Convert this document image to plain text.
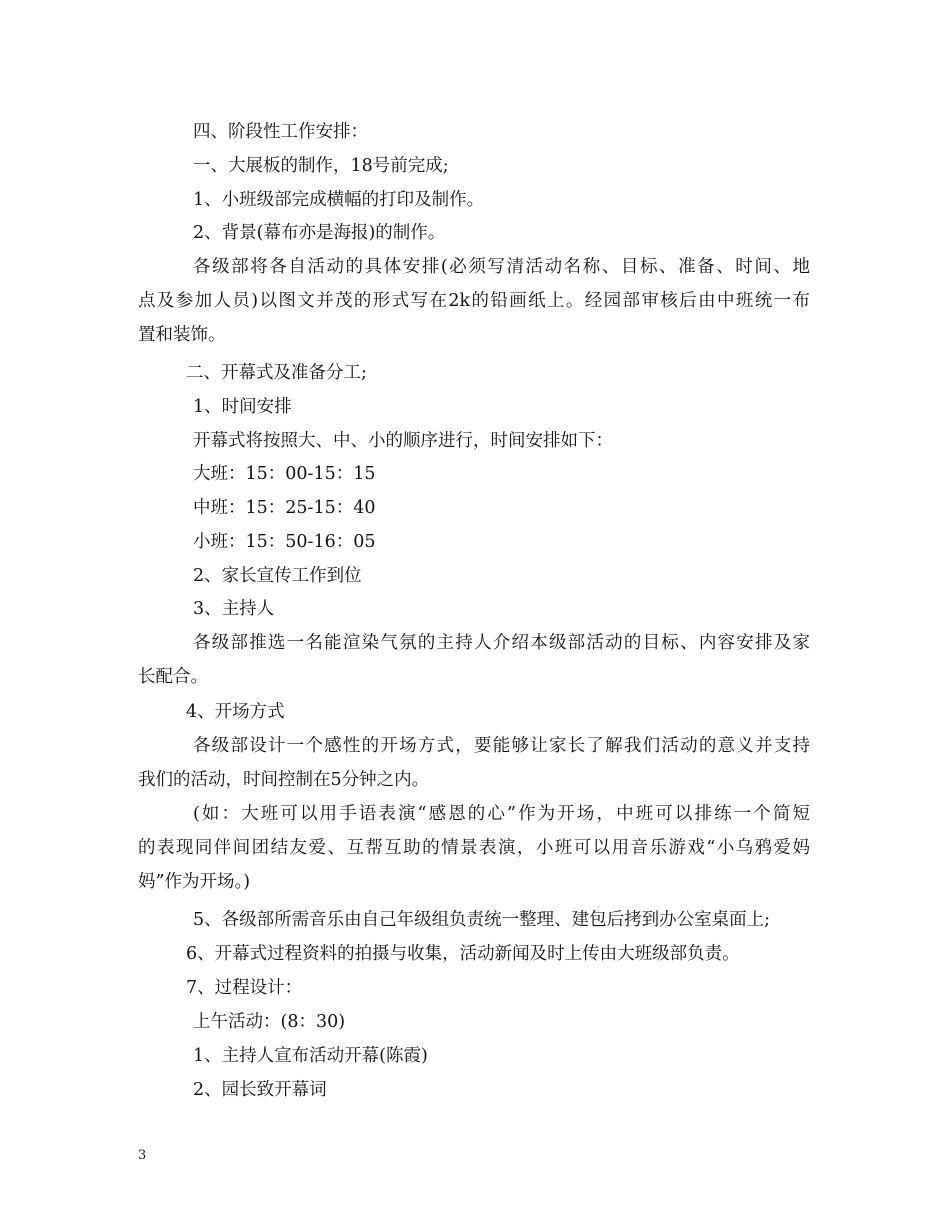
四、阶段性工作安排：
一、大展板的制作，18号前完成;
1、小班级部完成横幅的打印及制作。
2、背景(幕布亦是海报)的制作。
各级部将各自活动的具体安排(必须写清活动名称、目标、准备、时间、地
点及参加人员)以图文并茂的形式写在2k的铅画纸上。经园部审核后由中班统一布
置和装饰。
二、开幕式及准备分工;
1、时间安排
开幕式将按照大、中、小的顺序进行，时间安排如下：
大班：15：00-15：15
中班：15：25-15：40
小班：15：50-16：05
2、家长宣传工作到位
3、主持人
各级部推选一名能渲染气氛的主持人介绍本级部活动的目标、内容安排及家
长配合。
4、开场方式
各级部设计一个感性的开场方式，要能够让家长了解我们活动的意义并支持
我们的活动，时间控制在5分钟之内。
(如：大班可以用手语表演“感恩的心”作为开场，中班可以排练一个简短
的表现同伴间团结友爱、互帮互助的情景表演，小班可以用音乐游戏“小乌鸦爱妈
妈”作为开场。)
5、各级部所需音乐由自己年级组负责统一整理、建包后拷到办公室桌面上;
6、开幕式过程资料的拍摄与收集，活动新闻及时上传由大班级部负责。
7、过程设计：
上午活动：(8：30)
1、主持人宣布活动开幕(陈霞)
2、园长致开幕词
3
